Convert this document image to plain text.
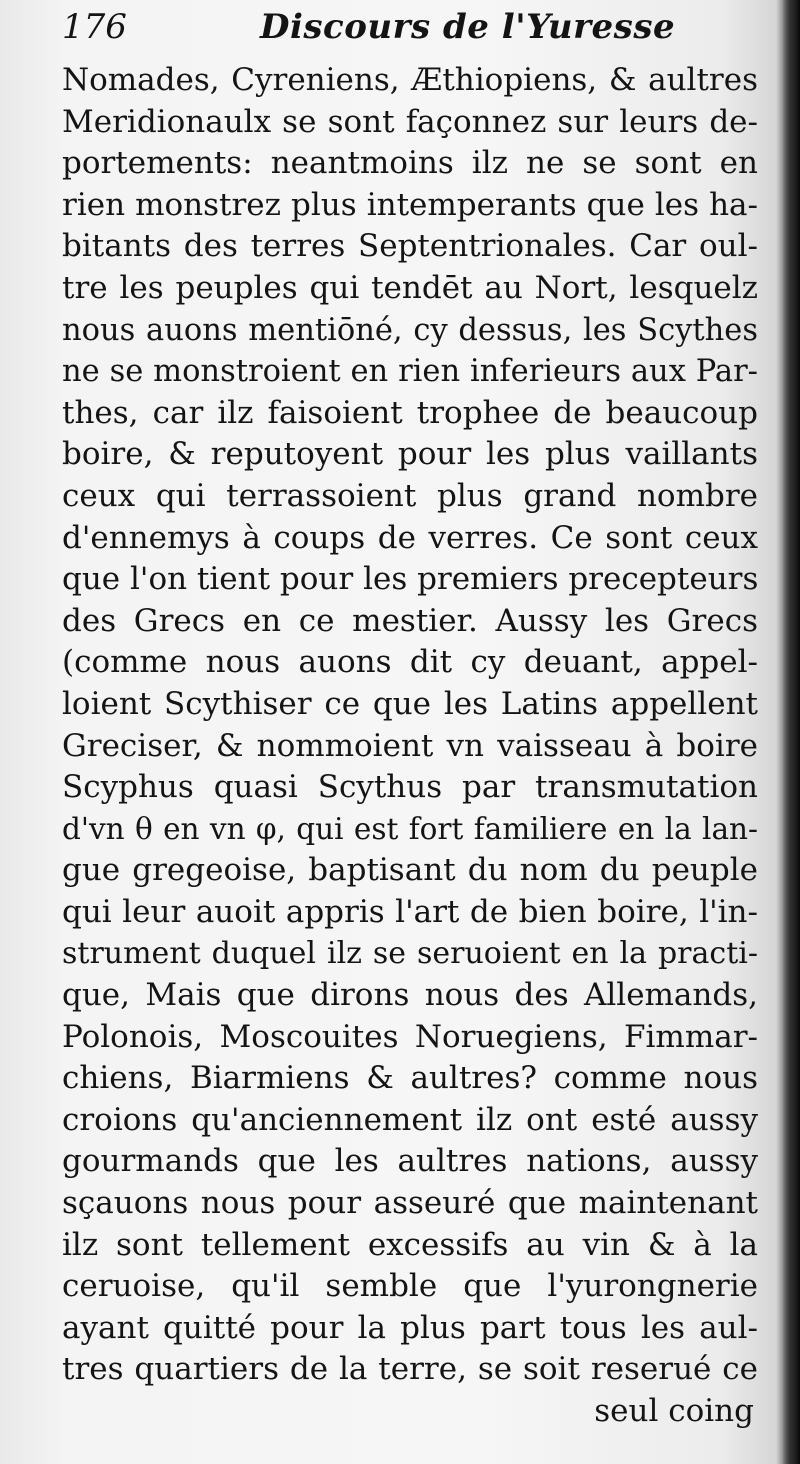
176	Discours de l'Yuresse
Nomades, Cyreniens, Æthiopiens, & aultres
Meridionaulx se sont façonnez sur leurs de-
portements: neantmoins ilz ne se sont en
rien monstrez plus intemperants que les ha-
bitants des terres Septentrionales. Car oul-
tre les peuples qui tendēt au Nort, lesquelz
nous auons mentiōné, cy dessus, les Scythes
ne se monstroient en rien inferieurs aux Par-
thes, car ilz faisoient trophee de beaucoup
boire, & reputoyent pour les plus vaillants
ceux qui terrassoient plus grand nombre
d'ennemys à coups de verres. Ce sont ceux
que l'on tient pour les premiers precepteurs
des Grecs en ce mestier. Aussy les Grecs
(comme nous auons dit cy deuant, appel-
loient Scythiser ce que les Latins appellent
Greciser, & nommoient vn vaisseau à boire
Scyphus quasi Scythus par transmutation
d'vn θ en vn φ, qui est fort familiere en la lan-
gue gregeoise, baptisant du nom du peuple
qui leur auoit appris l'art de bien boire, l'in-
strument duquel ilz se seruoient en la practi-
que, Mais que dirons nous des Allemands,
Polonois, Moscouites Noruegiens, Fimmar-
chiens, Biarmiens & aultres? comme nous
croions qu'anciennement ilz ont esté aussy
gourmands que les aultres nations, aussy
sçauons nous pour asseuré que maintenant
ilz sont tellement excessifs au vin & à la
ceruoise, qu'il semble que l'yurongnerie
ayant quitté pour la plus part tous les aul-
tres quartiers de la terre, se soit reserué ce
seul coing
